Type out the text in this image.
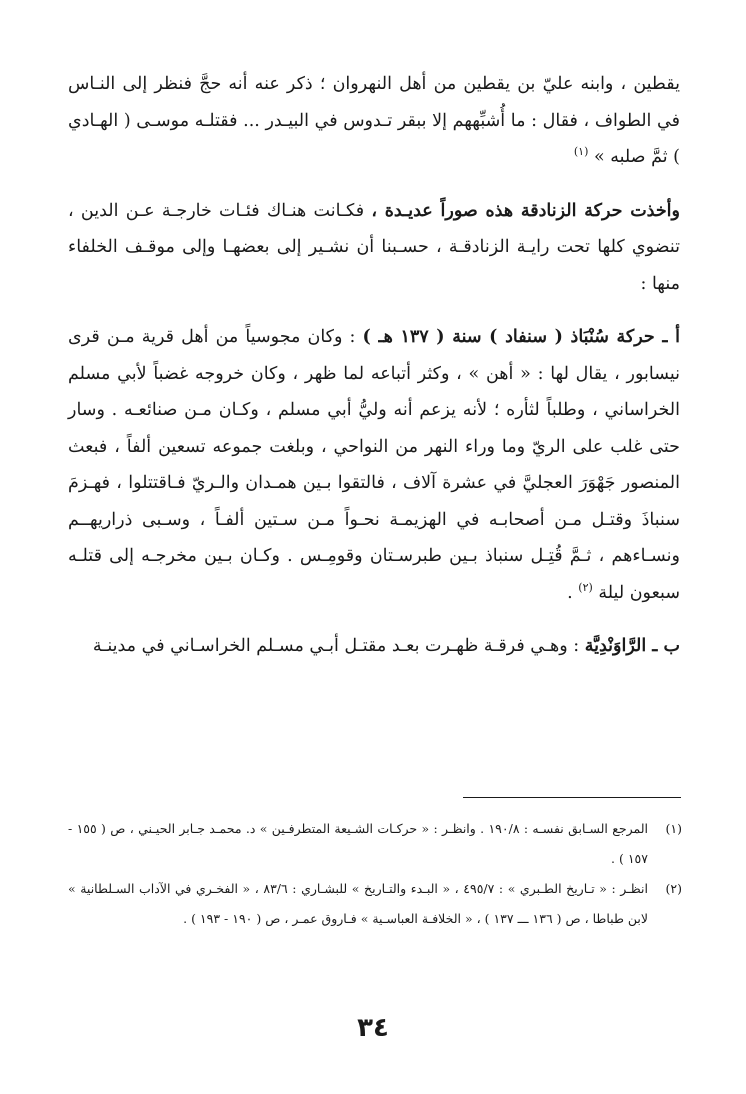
يقطين ، وابنه عليّ بن يقطين من أهل النهروان ؛ ذكر عنه أنه حجَّ فنظر إلى النـاس في الطواف ، فقال : ما أُشبِّههم إلا ببقر تـدوس في البيـدر ... فقتلـه موسـى ( الهـادي ) ثمَّ صلبه » $^{(١)}$

وأخذت حركة الزنادقة هذه صوراً عديـدة ، فكـانت هنـاك فئـات خارجـة عـن الدين ، تنضوي كلها تحت رايـة الزنادقـة ، حسـبنا أن نشـير إلى بعضهـا وإلى موقـف الخلفاء منها :

أ ـ حركة سُنْبَاذ ( سنفاد ) سنة ( ١٣٧ هـ ) : وكان مجوسياً من أهل قرية مـن قرى نيسابور ، يقال لها : « أهن » ، وكثر أتباعه لما ظهر ، وكان خروجه غضباً لأبي مسلم الخراساني ، وطلباً لثأره ؛ لأنه يزعم أنه وليُّ أبي مسلم ، وكـان مـن صنائعـه . وسار حتى غلب على الريّ وما وراء النهر من النواحي ، وبلغت جموعه تسعين ألفاً ، فبعث المنصور جَهْوَرَ العجليَّ في عشرة آلاف ، فالتقوا بـين همـدان والـريّ فـاقتتلوا ، فهـزمَ سنباذَ وقتـل مـن أصحابـه في الهزيمـة نحـواً مـن سـتين ألفـاً ، وسـبى ذراريهــم ونسـاءهم ، ثـمَّ قُتِـل سنباذ بـين طبرسـتان وقومِـس . وكـان بـين مخرجـه إلى قتلـه سبعون ليلة $^{(٢)}$ .

ب ـ الرَّاوَنْدِيَّة : وهـي فرقـة ظهـرت بعـد مقتـل أبـي مسـلم الخراسـاني في مدينـة

(١)
المرجع السـابق نفسـه : ١٩٠/٨ . وانظـر : « حركـات الشـيعة المتطرفـين » د. محمـد جـابر الحيـني ، ص ( ١٥٥ - ١٥٧ ) .
(٢)
انظـر : « تـاريخ الطـبري » : ٤٩٥/٧ ، « البـدء والتـاريخ » للبشـاري : ٨٣/٦ ، « الفخـري في الآداب السـلطانية » لابن طباطا ، ص ( ١٣٦ ـــ ١٣٧ ) ، « الخلافـة العباسـية » فـاروق عمـر ، ص ( ١٩٠ - ١٩٣ ) .
٣٤
